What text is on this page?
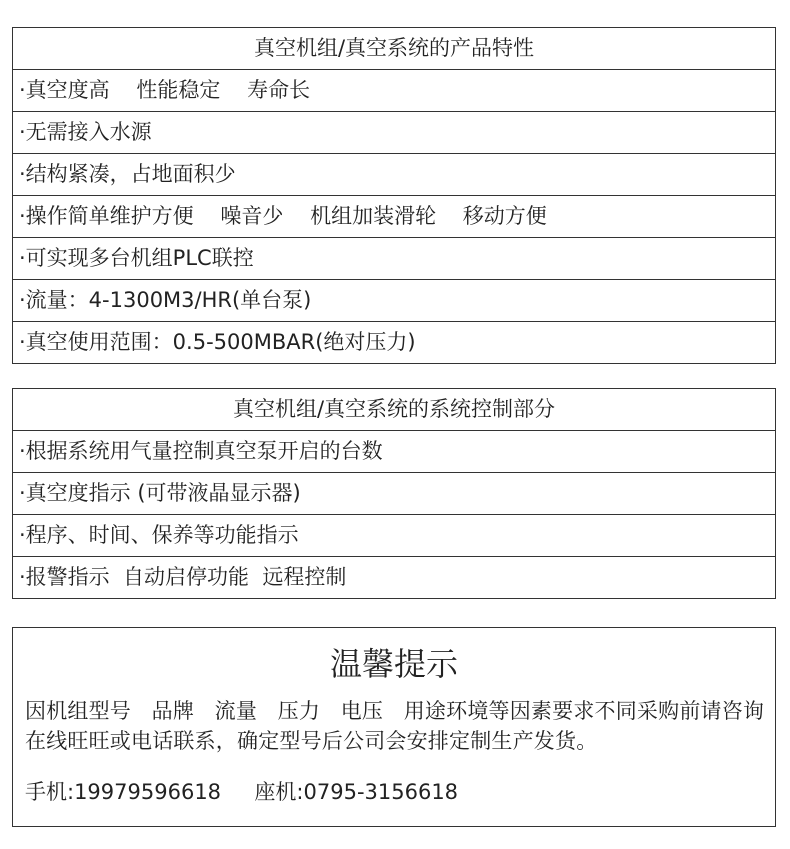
真空机组/真空系统的产品特性
·真空度高    性能稳定    寿命长
·无需接入水源
·结构紧凑，占地面积少
·操作简单维护方便    噪音少    机组加装滑轮    移动方便
·可实现多台机组PLC联控
·流量：4-1300M3/HR(单台泵)
·真空使用范围：0.5-500MBAR(绝对压力)
真空机组/真空系统的系统控制部分
·根据系统用气量控制真空泵开启的台数
·真空度指示 (可带液晶显示器)
·程序、时间、保养等功能指示
·报警指示  自动启停功能  远程控制
温馨提示
因机组型号   品牌   流量   压力   电压   用途环境等因素要求不同采购前请咨询在线旺旺或电话联系，确定型号后公司会安排定制生产发货。
手机:19979596618     座机:0795-3156618
